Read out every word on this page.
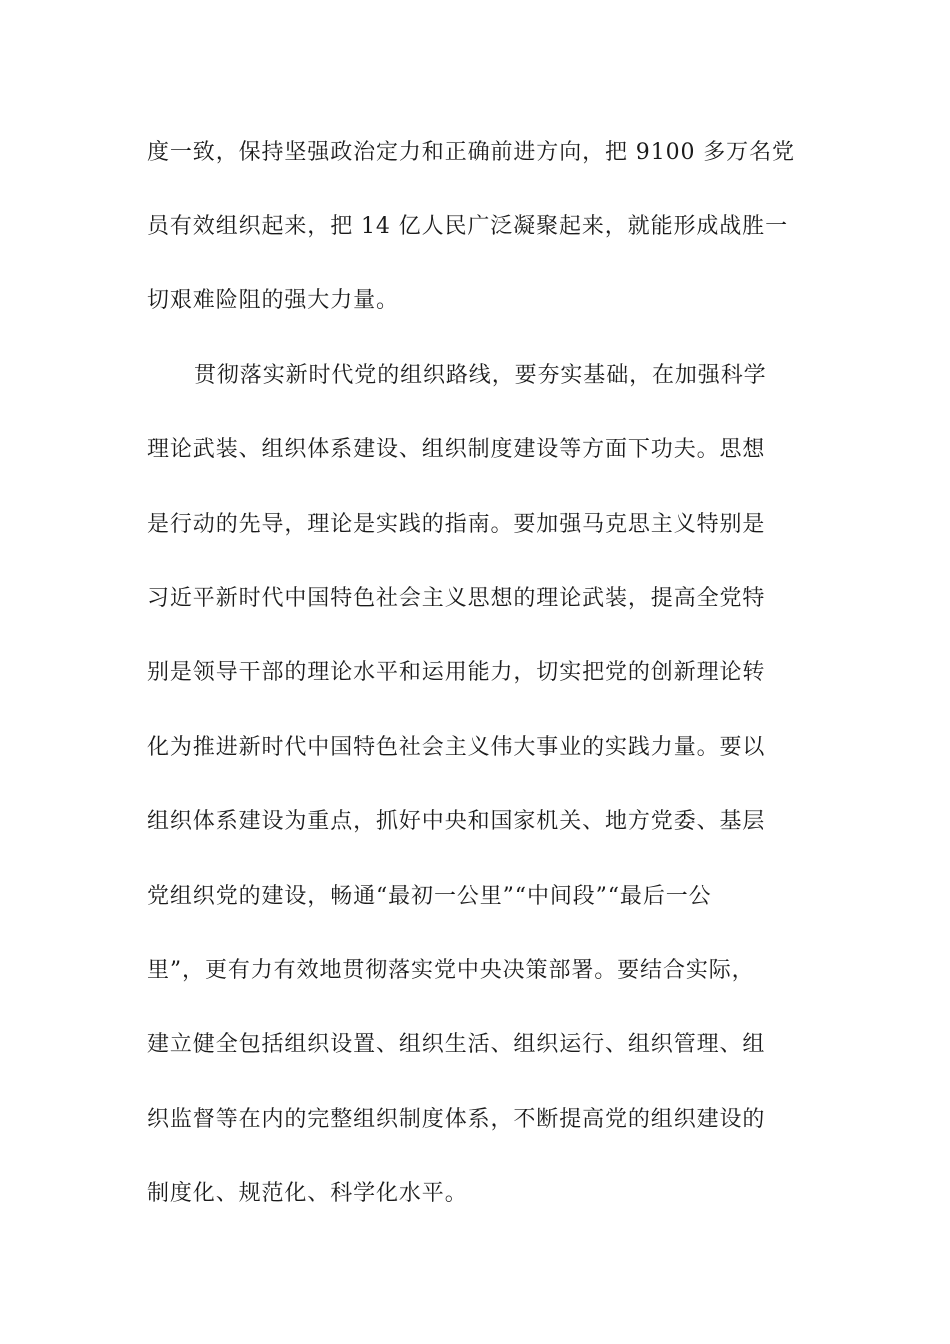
度一致，保持坚强政治定力和正确前进方向，把 9100 多万名党
员有效组织起来，把 14 亿人民广泛凝聚起来，就能形成战胜一
切艰难险阻的强大力量。
贯彻落实新时代党的组织路线，要夯实基础，在加强科学
理论武装、组织体系建设、组织制度建设等方面下功夫。思想
是行动的先导，理论是实践的指南。要加强马克思主义特别是
习近平新时代中国特色社会主义思想的理论武装，提高全党特
别是领导干部的理论水平和运用能力，切实把党的创新理论转
化为推进新时代中国特色社会主义伟大事业的实践力量。要以
组织体系建设为重点，抓好中央和国家机关、地方党委、基层
党组织党的建设，畅通“最初一公里”“中间段”“最后一公
里”，更有力有效地贯彻落实党中央决策部署。要结合实际，
建立健全包括组织设置、组织生活、组织运行、组织管理、组
织监督等在内的完整组织制度体系，不断提高党的组织建设的
制度化、规范化、科学化水平。
